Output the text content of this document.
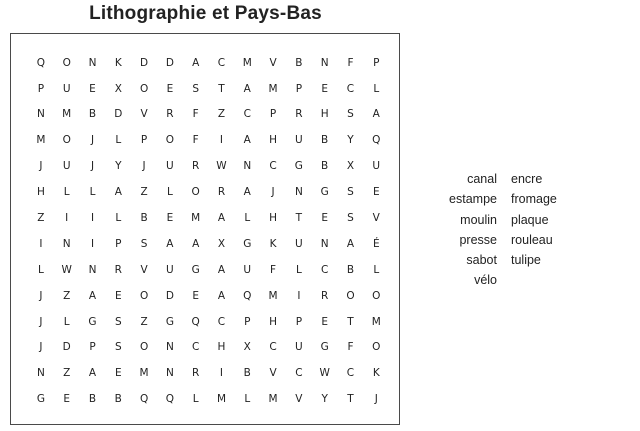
Lithographie et Pays-Bas
Q	O	N	K	D	D	A	C	M	V	B	N	F	P
P	U	E	X	O	E	S	T	A	M	P	E	C	L
N	M	B	D	V	R	F	Z	C	P	R	H	S	A
M	O	J	L	P	O	F	I	A	H	U	B	Y	Q
J	U	J	Y	J	U	R	W	N	C	G	B	X	U
H	L	L	A	Z	L	O	R	A	J	N	G	S	E
Z	I	I	L	B	E	M	A	L	H	T	E	S	V
I	N	I	P	S	A	A	X	G	K	U	N	A	É
L	W	N	R	V	U	G	A	U	F	L	C	B	L
J	Z	A	E	O	D	E	A	Q	M	I	R	O	O
J	L	G	S	Z	G	Q	C	P	H	P	E	T	M
J	D	P	S	O	N	C	H	X	C	U	G	F	O
N	Z	A	E	M	N	R	I	B	V	C	W	C	K
G	E	B	B	Q	Q	L	M	L	M	V	Y	T	J
canal
estampe
moulin
presse
sabot
vélo
encre
fromage
plaque
rouleau
tulipe
